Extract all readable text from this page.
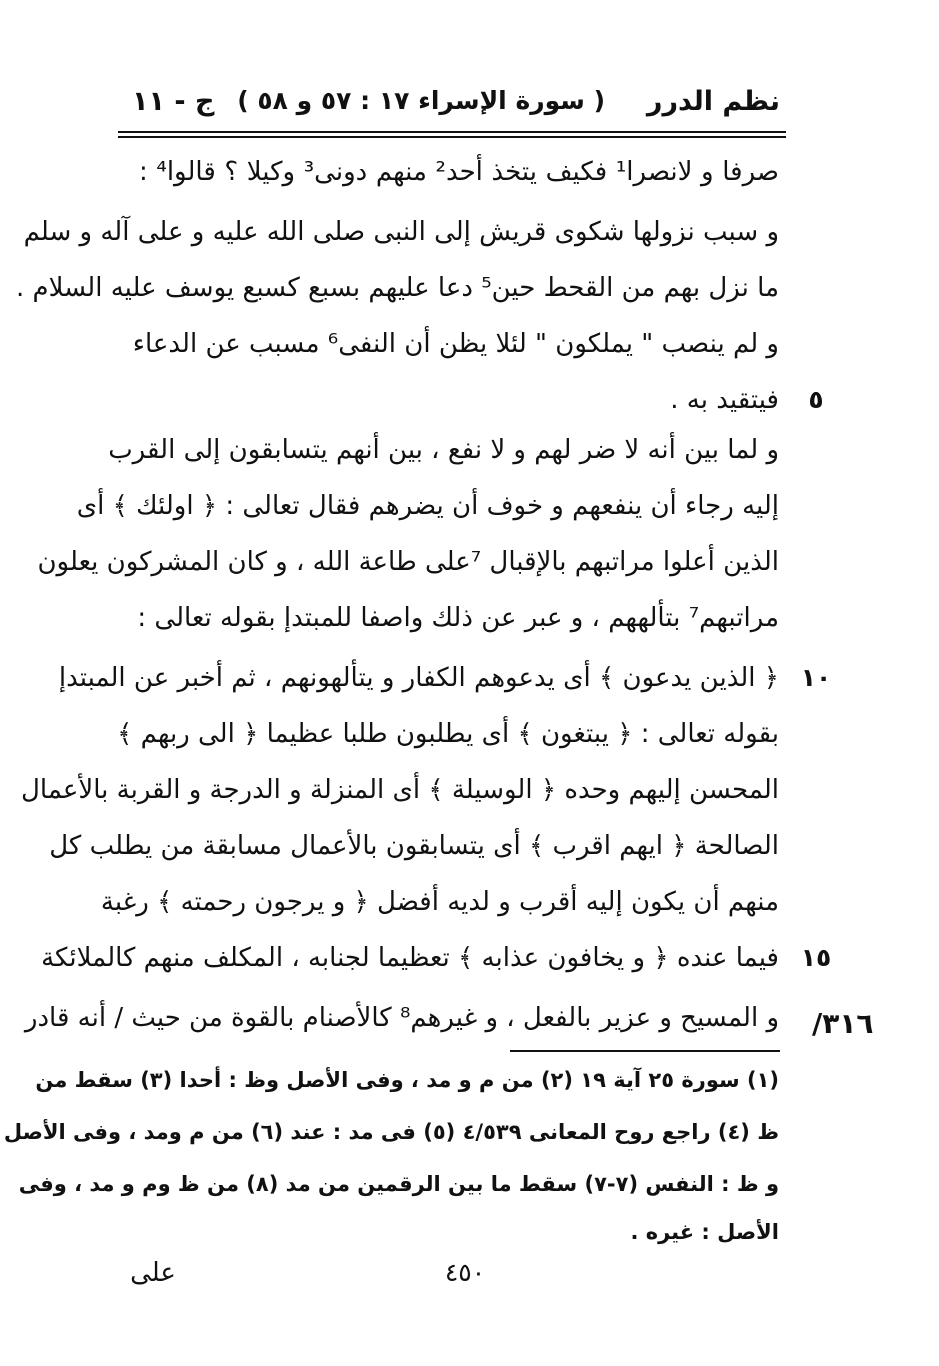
نظم الدرر
( سورة الإسراء ١٧ : ٥٧ و ٥٨ )
ج - ١١
صرفا و لانصرا¹ فكيف يتخذ أحد² منهم دونى³ وكيلا ؟ قالوا⁴ :
و سبب نزولها شكوى قريش إلى النبى صلى الله عليه و على آله و سلم
ما نزل بهم من القحط حين⁵ دعا عليهم بسبع كسبع يوسف عليه السلام .
و لم ينصب " يملكون " لئلا يظن أن النفى⁶ مسبب عن الدعاء
فيتقيد به .
و لما بين أنه لا ضر لهم و لا نفع ، بين أنهم يتسابقون إلى القرب
إليه رجاء أن ينفعهم و خوف أن يضرهم فقال تعالى : ﴿ اولئك ﴾ أى
الذين أعلوا مراتبهم بالإقبال ⁷على طاعة الله ، و كان المشركون يعلون
مراتبهم⁷ بتألههم ، و عبر عن ذلك واصفا للمبتدإ بقوله تعالى :
﴿ الذين يدعون ﴾ أى يدعوهم الكفار و يتألهونهم ، ثم أخبر عن المبتدإ
بقوله تعالى : ﴿ يبتغون ﴾ أى يطلبون طلبا عظيما ﴿ الى ربهم ﴾
المحسن إليهم وحده ﴿ الوسيلة ﴾ أى المنزلة و الدرجة و القربة بالأعمال
الصالحة ﴿ ايهم اقرب ﴾ أى يتسابقون بالأعمال مسابقة من يطلب كل
منهم أن يكون إليه أقرب و لديه أفضل ﴿ و يرجون رحمته ﴾ رغبة
فيما عنده ﴿ و يخافون عذابه ﴾ تعظيما لجنابه ، المكلف منهم كالملائكة
و المسيح و عزير بالفعل ، و غيرهم⁸ كالأصنام بالقوة من حيث / أنه قادر
٥
١٠
١٥
٣١٦/
(١) سورة ٢٥ آية ١٩ (٢) من م و مد ، وفى الأصل وظ : أحدا (٣) سقط من
ظ (٤) راجع روح المعانى ٤/٥٣٩ (٥) فى مد : عند (٦) من م ومد ، وفى الأصل
و ظ : النفس (٧-٧) سقط ما بين الرقمين من مد (٨) من ظ وم و مد ، وفى
الأصل : غيره .
٤٥٠
على
